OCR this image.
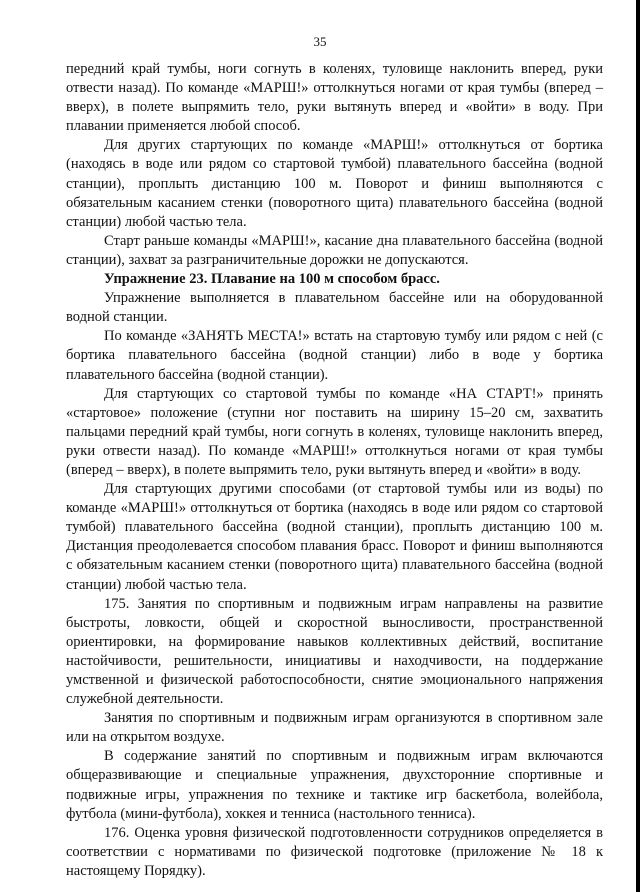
35

передний край тумбы, ноги согнуть в коленях, туловище наклонить вперед, руки отвести назад). По команде «МАРШ!» оттолкнуться ногами от края тумбы (вперед – вверх), в полете выпрямить тело, руки вытянуть вперед и «войти» в воду. При плавании применяется любой способ.

Для других стартующих по команде «МАРШ!» оттолкнуться от бортика (находясь в воде или рядом со стартовой тумбой) плавательного бассейна (водной станции), проплыть дистанцию 100 м. Поворот и финиш выполняются с обязательным касанием стенки (поворотного щита) плавательного бассейна (водной станции) любой частью тела.

Старт раньше команды «МАРШ!», касание дна плавательного бассейна (водной станции), захват за разграничительные дорожки не допускаются.

Упражнение 23. Плавание на 100 м способом брасс.

Упражнение выполняется в плавательном бассейне или на оборудованной водной станции.

По команде «ЗАНЯТЬ МЕСТА!» встать на стартовую тумбу или рядом с ней (с бортика плавательного бассейна (водной станции) либо в воде у бортика плавательного бассейна (водной станции).

Для стартующих со стартовой тумбы по команде «НА СТАРТ!» принять «стартовое» положение (ступни ног поставить на ширину 15–20 см, захватить пальцами передний край тумбы, ноги согнуть в коленях, туловище наклонить вперед, руки отвести назад). По команде «МАРШ!» оттолкнуться ногами от края тумбы (вперед – вверх), в полете выпрямить тело, руки вытянуть вперед и «войти» в воду.

Для стартующих другими способами (от стартовой тумбы или из воды) по команде «МАРШ!» оттолкнуться от бортика (находясь в воде или рядом со стартовой тумбой) плавательного бассейна (водной станции), проплыть дистанцию 100 м. Дистанция преодолевается способом плавания брасс. Поворот и финиш выполняются с обязательным касанием стенки (поворотного щита) плавательного бассейна (водной станции) любой частью тела.

175. Занятия по спортивным и подвижным играм направлены на развитие быстроты, ловкости, общей и скоростной выносливости, пространственной ориентировки, на формирование навыков коллективных действий, воспитание настойчивости, решительности, инициативы и находчивости, на поддержание умственной и физической работоспособности, снятие эмоционального напряжения служебной деятельности.

Занятия по спортивным и подвижным играм организуются в спортивном зале или на открытом воздухе.

В содержание занятий по спортивным и подвижным играм включаются общеразвивающие и специальные упражнения, двухсторонние спортивные и подвижные игры, упражнения по технике и тактике игр баскетбола, волейбола, футбола (мини-футбола), хоккея и тенниса (настольного тенниса).

176. Оценка уровня физической подготовленности сотрудников определяется в соответствии с нормативами по физической подготовке (приложение № 18 к настоящему Порядку).
